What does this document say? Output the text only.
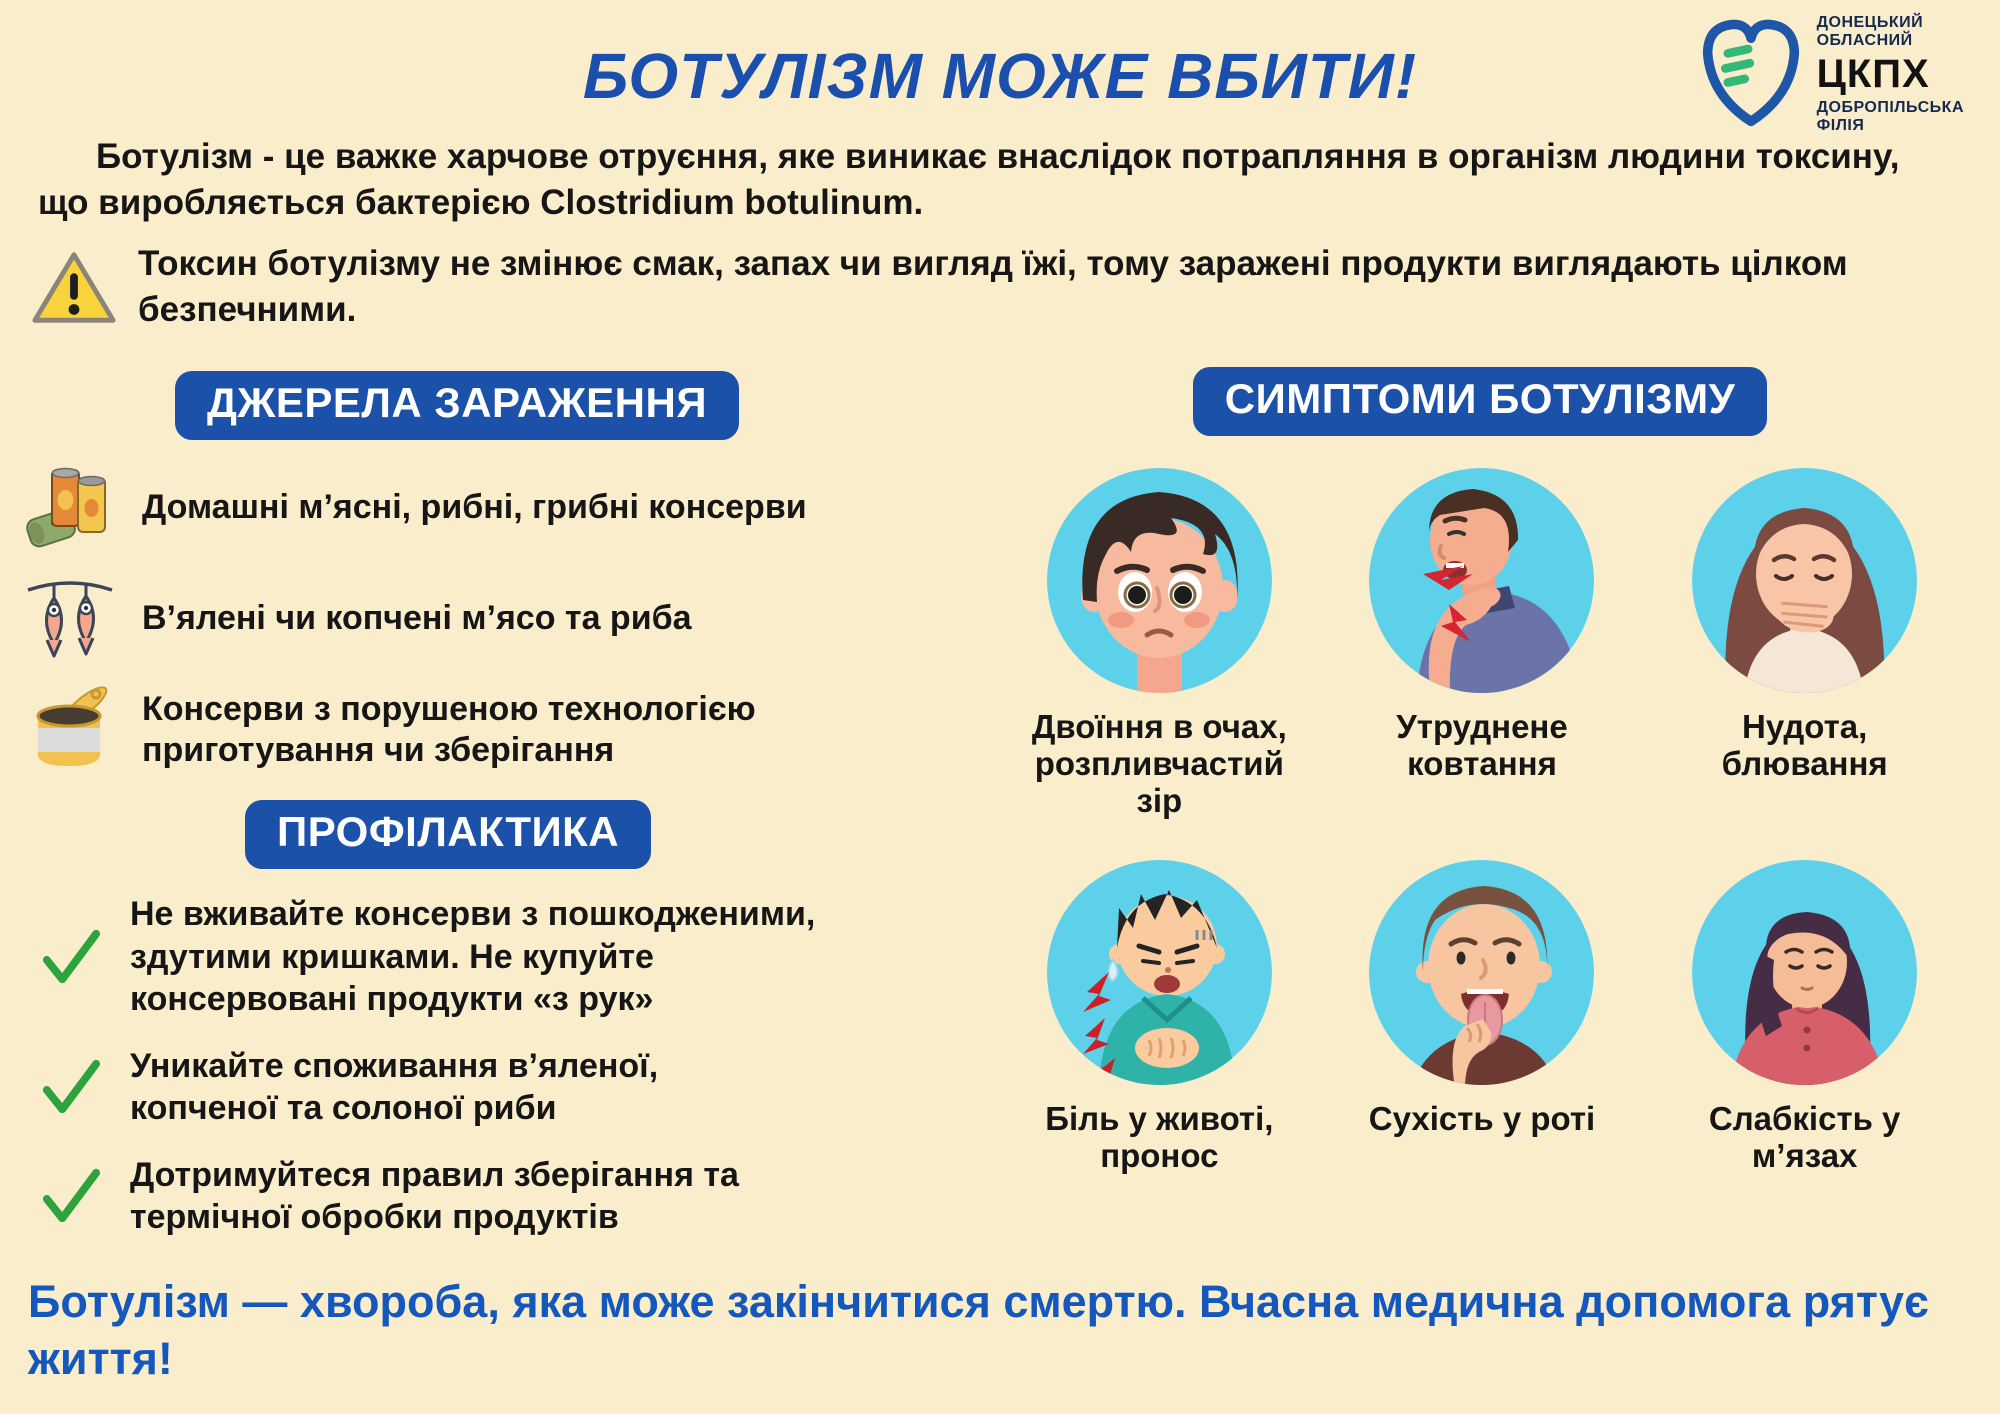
ДОНЕЦЬКИЙ
ОБЛАСНИЙ
ЦКПХ
ДОБРОПІЛЬСЬКА
ФІЛІЯ
БОТУЛІЗМ МОЖЕ ВБИТИ!

Ботулізм - це важке харчове отруєння, яке виникає внаслідок потрапляння в організм людини токсину, що виробляється бактерією Clostridium botulinum.

Токсин ботулізму не змінює смак, запах чи вигляд їжі, тому заражені продукти виглядають цілком безпечними.

ДЖЕРЕЛА ЗАРАЖЕННЯ
Домашні м’ясні, рибні, грибні консерви
В’ялені чи копчені м’ясо та риба
Консерви з порушеною технологією приготування чи зберігання
ПРОФІЛАКТИКА
Не вживайте консерви з пошкодженими, здутими кришками. Не купуйте консервовані продукти «з рук»
Уникайте споживання в’яленої, копченої та солоної риби
Дотримуйтеся правил зберігання та термічної обробки продуктів
СИМПТОМИ БОТУЛІЗМУ
Двоїння в очах, розпливчастий зір
Утруднене ковтання
Нудота, блювання
Біль у животі, пронос
Сухість у роті	Слабкість у м’язах

Ботулізм — хвороба, яка може закінчитися смертю. Вчасна медична допомога рятує життя!
